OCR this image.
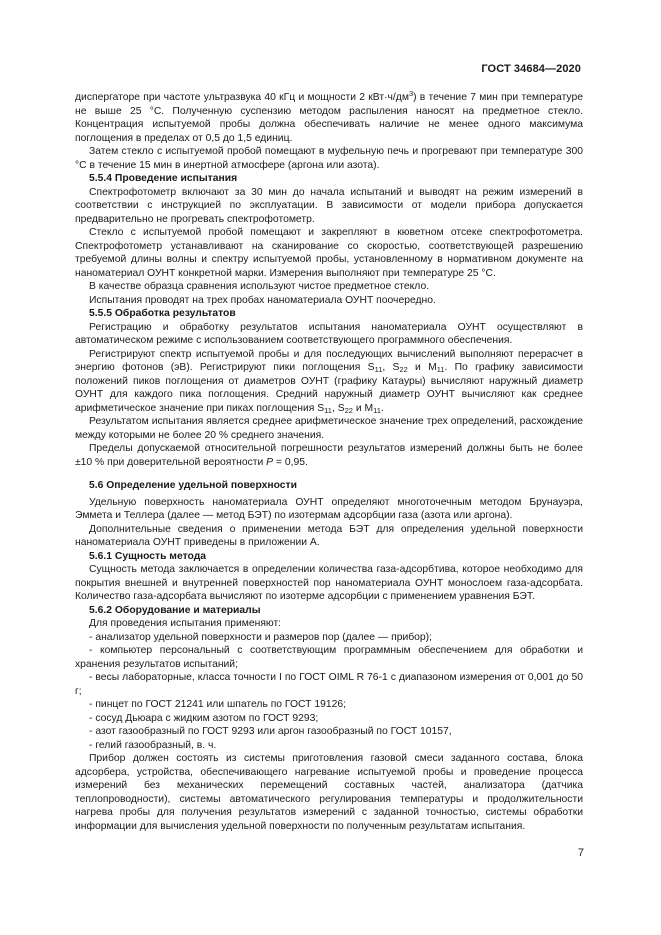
ГОСТ 34684—2020

диспергаторе при частоте ультразвука 40 кГц и мощности 2 $кВт\cdot ч/дм^3$) в течение 7 мин при температуре не выше 25 °С. Полученную суспензию методом распыления наносят на предметное стекло. Концентрация испытуемой пробы должна обеспечивать наличие не менее одного максимума поглощения в пределах от 0,5 до 1,5 единиц.

Затем стекло с испытуемой пробой помещают в муфельную печь и прогревают при температуре 300 °С в течение 15 мин в инертной атмосфере (аргона или азота).

5.5.4 Проведение испытания

Спектрофотометр включают за 30 мин до начала испытаний и выводят на режим измерений в соответствии с инструкцией по эксплуатации. В зависимости от модели прибора допускается предварительно не прогревать спектрофотометр.

Стекло с испытуемой пробой помещают и закрепляют в кюветном отсеке спектрофотометра. Спектрофотометр устанавливают на сканирование со скоростью, соответствующей разрешению требуемой длины волны и спектру испытуемой пробы, установленному в нормативном документе на наноматериал ОУНТ конкретной марки. Измерения выполняют при температуре 25 °С.

В качестве образца сравнения используют чистое предметное стекло.

Испытания проводят на трех пробах наноматериала ОУНТ поочередно.

5.5.5 Обработка результатов

Регистрацию и обработку результатов испытания наноматериала ОУНТ осуществляют в автоматическом режиме с использованием соответствующего программного обеспечения.

Регистрируют спектр испытуемой пробы и для последующих вычислений выполняют перерасчет в энергию фотонов (эВ). Регистрируют пики поглощения $S_{11}$, $S_{22}$ и $M_{11}$. По графику зависимости положений пиков поглощения от диаметров ОУНТ (графику Катауры) вычисляют наружный диаметр ОУНТ для каждого пика поглощения. Средний наружный диаметр ОУНТ вычисляют как среднее арифметическое значение при пиках поглощения $S_{11}$, $S_{22}$ и $M_{11}$.

Результатом испытания является среднее арифметическое значение трех определений, расхождение между которыми не более 20 % среднего значения.

Пределы допускаемой относительной погрешности результатов измерений должны быть не более ±10 % при доверительной вероятности P = 0,95.

5.6 Определение удельной поверхности

Удельную поверхность наноматериала ОУНТ определяют многоточечным методом Брунауэра, Эммета и Теллера (далее — метод БЭТ) по изотермам адсорбции газа (азота или аргона).

Дополнительные сведения о применении метода БЭТ для определения удельной поверхности наноматериала ОУНТ приведены в приложении А.

5.6.1 Сущность метода

Сущность метода заключается в определении количества газа-адсорбтива, которое необходимо для покрытия внешней и внутренней поверхностей пор наноматериала ОУНТ монослоем газа-адсорбата. Количество газа-адсорбата вычисляют по изотерме адсорбции с применением уравнения БЭТ.

5.6.2 Оборудование и материалы

Для проведения испытания применяют:

- анализатор удельной поверхности и размеров пор (далее — прибор);

- компьютер персональный с соответствующим программным обеспечением для обработки и хранения результатов испытаний;

- весы лабораторные, класса точности I по ГОСТ OIML R 76-1 с диапазоном измерения от 0,001 до 50 г;

- пинцет по ГОСТ 21241 или шпатель по ГОСТ 19126;

- сосуд Дьюара с жидким азотом по ГОСТ 9293;

- азот газообразный по ГОСТ 9293 или аргон газообразный по ГОСТ 10157,

- гелий газообразный, в. ч.

Прибор должен состоять из системы приготовления газовой смеси заданного состава, блока адсорбера, устройства, обеспечивающего нагревание испытуемой пробы и проведение процесса измерений без механических перемещений составных частей, анализатора (датчика теплопроводности), системы автоматического регулирования температуры и продолжительности нагрева пробы для получения результатов измерений с заданной точностью, системы обработки информации для вычисления удельной поверхности по полученным результатам испытания.

7
